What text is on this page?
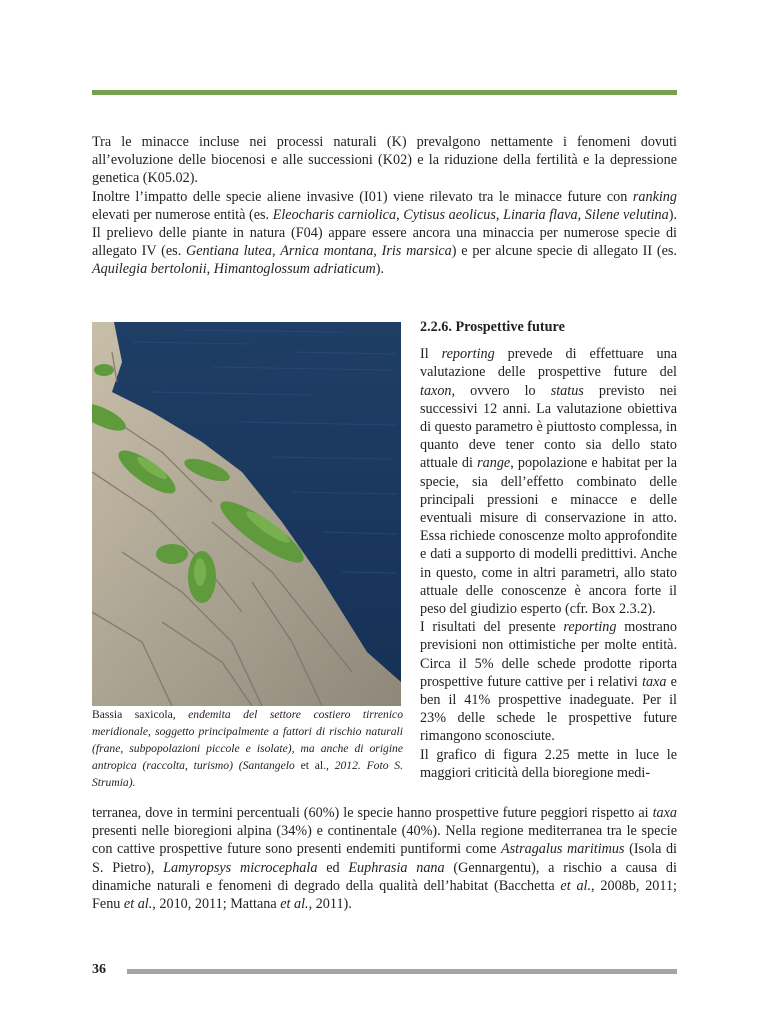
Tra le minacce incluse nei processi naturali (K) prevalgono nettamente i fenomeni dovuti all’evoluzione delle biocenosi e alle successioni (K02) e la riduzione della fertilità e la depressione genetica (K05.02).
Inoltre l’impatto delle specie aliene invasive (I01) viene rilevato tra le minacce future con ranking elevati per numerose entità (es. Eleocharis carniolica, Cytisus aeolicus, Linaria flava, Silene velutina). Il prelievo delle piante in natura (F04) appare essere ancora una minaccia per numerose specie di allegato IV (es. Gentiana lutea, Arnica montana, Iris marsica) e per alcune specie di allegato II (es. Aquilegia bertolonii, Himantoglossum adriaticum).

Bassia saxicola, endemita del settore costiero tirrenico meridionale, soggetto principalmente a fattori di rischio naturali (frane, subpopolazioni piccole e isolate), ma anche di origine antropica (raccolta, turismo) (Santangelo et al., 2012. Foto S. Strumia).

2.2.6. Prospettive future

Il reporting prevede di effettuare una valutazione delle prospettive future del taxon, ovvero lo status previsto nei successivi 12 anni. La valutazione obiettiva di questo parametro è piuttosto complessa, in quanto deve tener conto sia dello stato attuale di range, popolazione e habitat per la specie, sia dell’effetto combinato delle principali pressioni e minacce e delle eventuali misure di conservazione in atto. Essa richiede conoscenze molto approfondite e dati a supporto di modelli predittivi. Anche in questo, come in altri parametri, allo stato attuale delle conoscenze è ancora forte il peso del giudizio esperto (cfr. Box 2.3.2).

I risultati del presente reporting mostrano previsioni non ottimistiche per molte entità. Circa il 5% delle schede prodotte riporta prospettive future cattive per i relativi taxa e ben il 41% prospettive inadeguate. Per il 23% delle schede le prospettive future rimangono sconosciute.

Il grafico di figura 2.25 mette in luce le maggiori criticità della bioregione medi-

terranea, dove in termini percentuali (60%) le specie hanno prospettive future peggiori rispetto ai taxa presenti nelle bioregioni alpina (34%) e continentale (40%). Nella regione mediterranea tra le specie con cattive prospettive future sono presenti endemiti puntiformi come Astragalus maritimus (Isola di S. Pietro), Lamyropsys microcephala ed Euphrasia nana (Gennargentu), a rischio a causa di dinamiche naturali e fenomeni di degrado della qualità dell’habitat (Bacchetta et al., 2008b, 2011; Fenu et al., 2010, 2011; Mattana et al., 2011).

36
